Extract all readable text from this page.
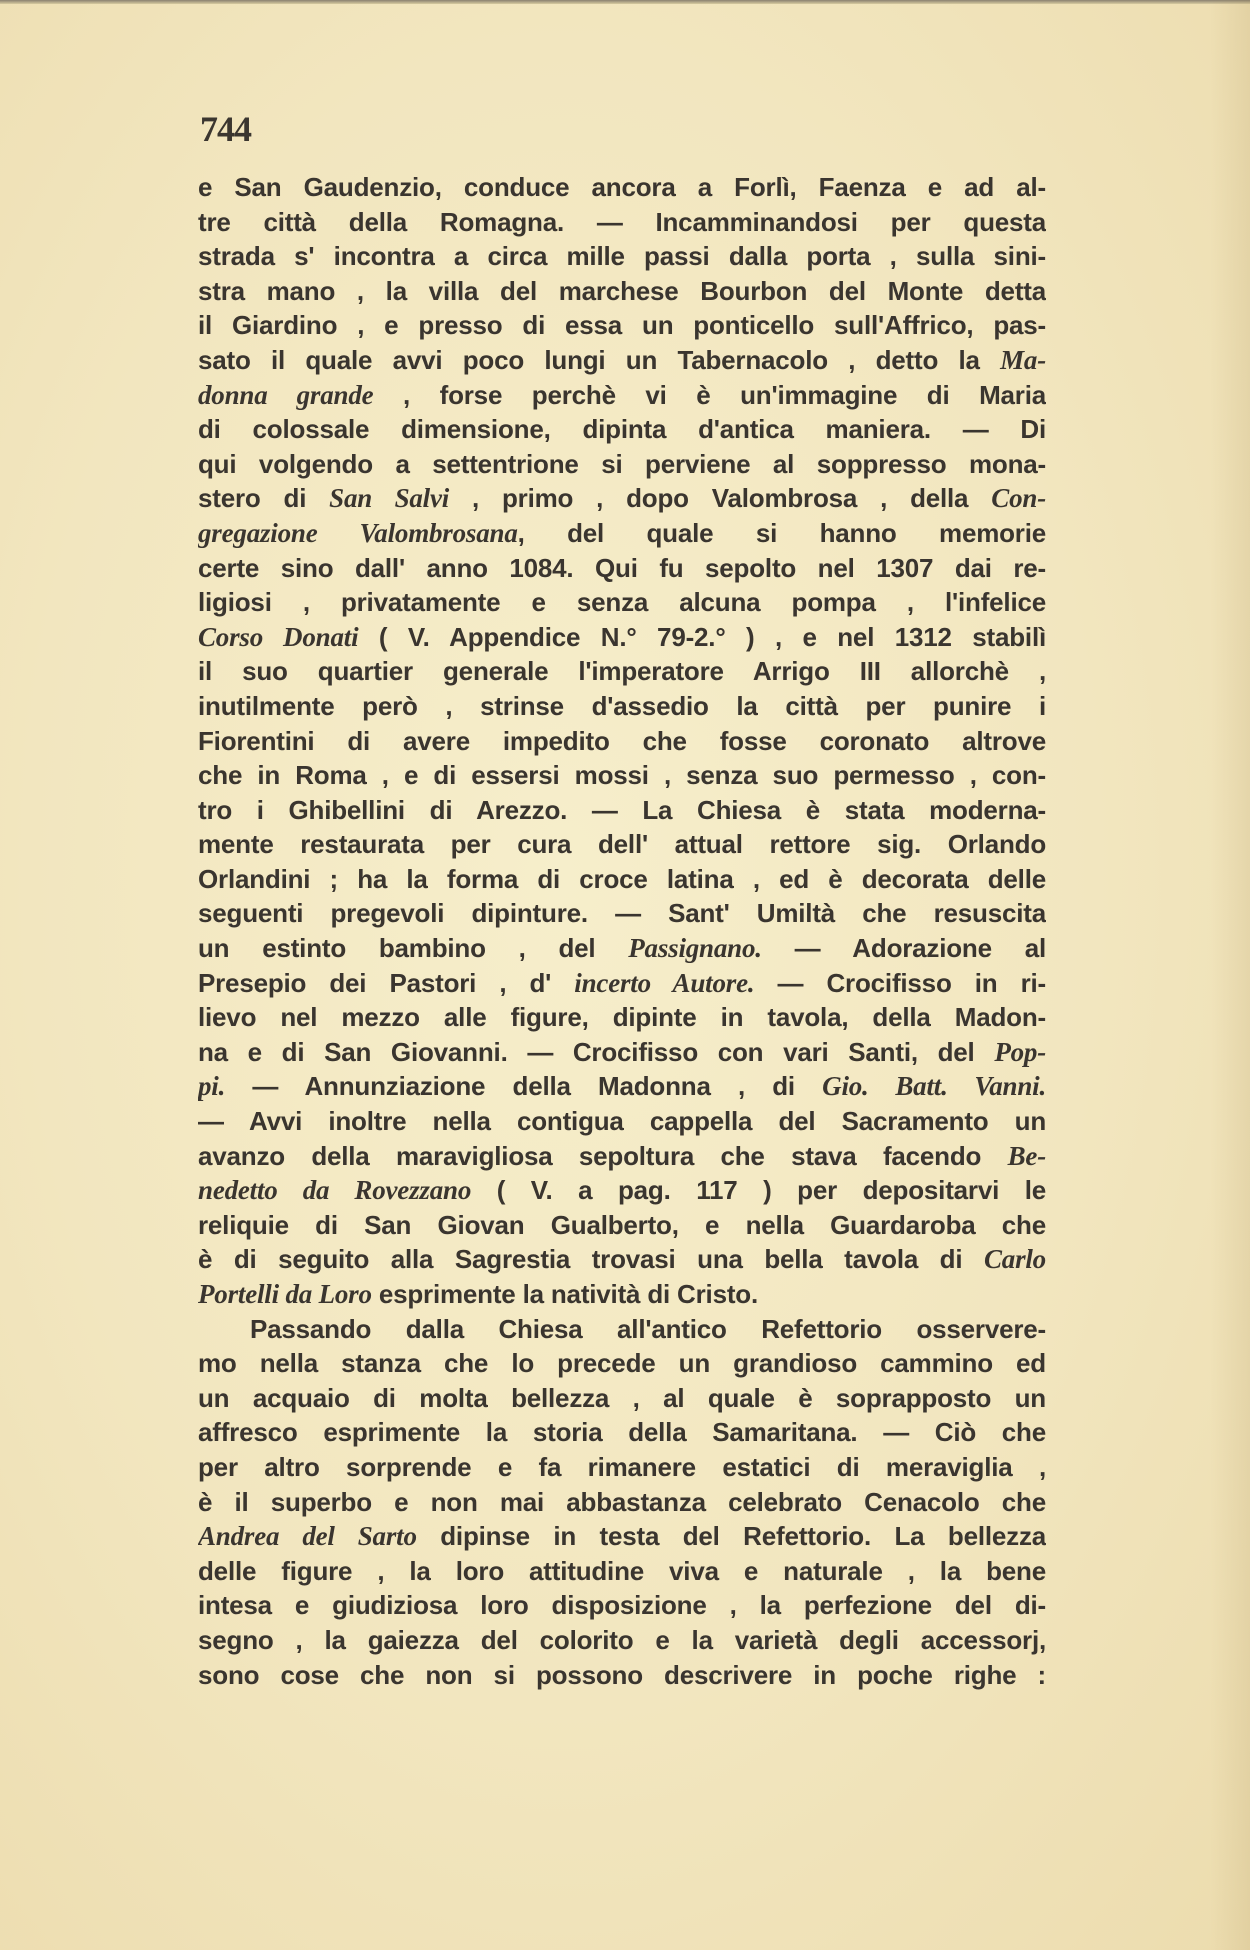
744
e San Gaudenzio, conduce ancora a Forlì, Faenza e ad al-
tre città della Romagna. — Incamminandosi per questa
strada s' incontra a circa mille passi dalla porta , sulla sini-
stra mano , la villa del marchese Bourbon del Monte detta
il Giardino , e presso di essa un ponticello sull'Affrico, pas-
sato il quale avvi poco lungi un Tabernacolo , detto la Ma-
donna grande , forse perchè vi è un'immagine di Maria
di colossale dimensione, dipinta d'antica maniera. — Di
qui volgendo a settentrione si perviene al soppresso mona-
stero di San Salvi , primo , dopo Valombrosa , della Con-
gregazione Valombrosana, del quale si hanno memorie
certe sino dall' anno 1084. Qui fu sepolto nel 1307 dai re-
ligiosi , privatamente e senza alcuna pompa , l'infelice
Corso Donati ( V. Appendice N.° 79-2.° ) , e nel 1312 stabilì
il suo quartier generale l'imperatore Arrigo III allorchè ,
inutilmente però , strinse d'assedio la città per punire i
Fiorentini di avere impedito che fosse coronato altrove
che in Roma , e di essersi mossi , senza suo permesso , con-
tro i Ghibellini di Arezzo. — La Chiesa è stata moderna-
mente restaurata per cura dell' attual rettore sig. Orlando
Orlandini ; ha la forma di croce latina , ed è decorata delle
seguenti pregevoli dipinture. — Sant' Umiltà che resuscita
un estinto bambino , del Passignano. — Adorazione al
Presepio dei Pastori , d' incerto Autore. — Crocifisso in ri-
lievo nel mezzo alle figure, dipinte in tavola, della Madon-
na e di San Giovanni. — Crocifisso con vari Santi, del Pop-
pi. — Annunziazione della Madonna , di Gio. Batt. Vanni.
— Avvi inoltre nella contigua cappella del Sacramento un
avanzo della maravigliosa sepoltura che stava facendo Be-
nedetto da Rovezzano ( V. a pag. 117 ) per depositarvi le
reliquie di San Giovan Gualberto, e nella Guardaroba che
è di seguito alla Sagrestia trovasi una bella tavola di Carlo
Portelli da Loro esprimente la natività di Cristo.
Passando dalla Chiesa all'antico Refettorio osservere-
mo nella stanza che lo precede un grandioso cammino ed
un acquaio di molta bellezza , al quale è soprapposto un
affresco esprimente la storia della Samaritana. — Ciò che
per altro sorprende e fa rimanere estatici di meraviglia ,
è il superbo e non mai abbastanza celebrato Cenacolo che
Andrea del Sarto dipinse in testa del Refettorio. La bellezza
delle figure , la loro attitudine viva e naturale , la bene
intesa e giudiziosa loro disposizione , la perfezione del di-
segno , la gaiezza del colorito e la varietà degli accessorj,
sono cose che non si possono descrivere in poche righe :
